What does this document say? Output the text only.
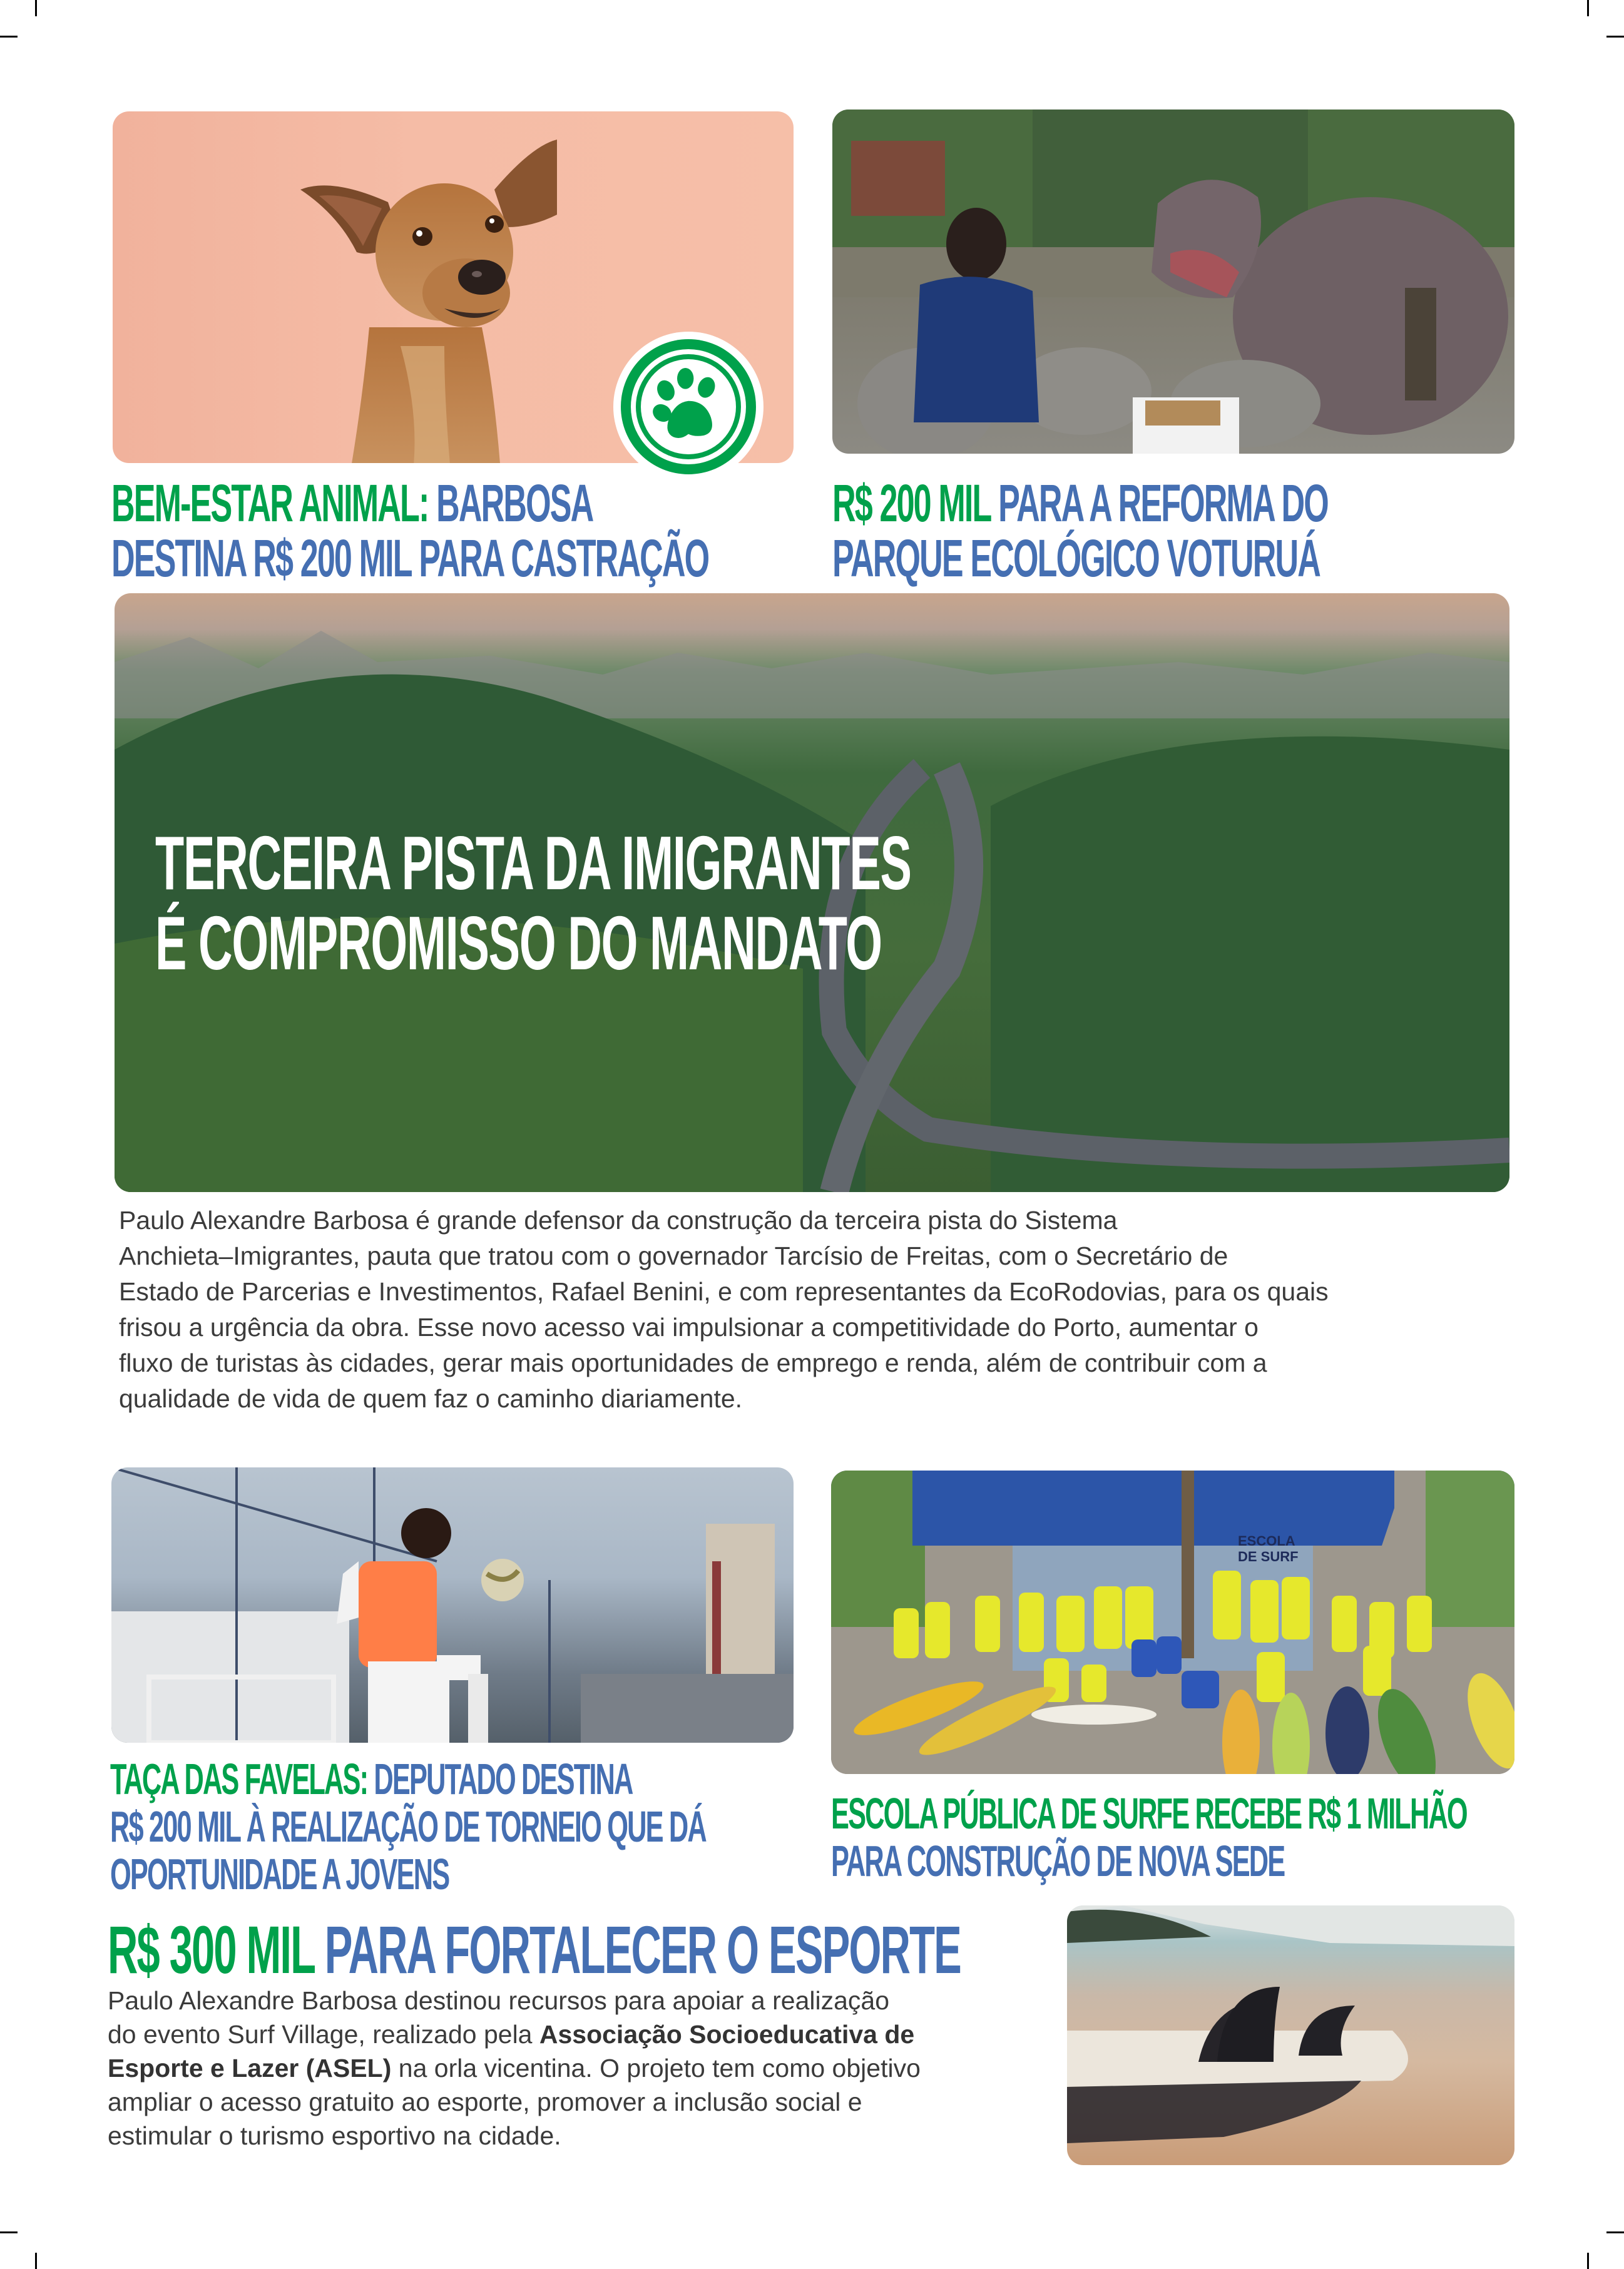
BEM-ESTAR ANIMAL: BARBOSA
DESTINA R$ 200 MIL PARA CASTRAÇÃO
R$ 200 MIL PARA A REFORMA DO
PARQUE ECOLÓGICO VOTURUÁ
TERCEIRA PISTA DA IMIGRANTES
É COMPROMISSO DO MANDATO
Paulo Alexandre Barbosa é grande defensor da construção da terceira pista do Sistema
Anchieta–Imigrantes, pauta que tratou com o governador Tarcísio de Freitas, com o Secretário de
Estado de Parcerias e Investimentos, Rafael Benini, e com representantes da EcoRodovias, para os quais
frisou a urgência da obra. Esse novo acesso vai impulsionar a competitividade do Porto, aumentar o
fluxo de turistas às cidades, gerar mais oportunidades de emprego e renda, além de contribuir com a
qualidade de vida de quem faz o caminho diariamente.
ESCOLA
DE SURF
TAÇA DAS FAVELAS: DEPUTADO DESTINA
R$ 200 MIL À REALIZAÇÃO DE TORNEIO QUE DÁ
OPORTUNIDADE A JOVENS
ESCOLA PÚBLICA DE SURFE RECEBE R$ 1 MILHÃO
PARA CONSTRUÇÃO DE NOVA SEDE
R$ 300 MIL PARA FORTALECER O ESPORTE
Paulo Alexandre Barbosa destinou recursos para apoiar a realização
do evento Surf Village, realizado pela Associação Socioeducativa de
Esporte e Lazer (ASEL) na orla vicentina. O projeto tem como objetivo
ampliar o acesso gratuito ao esporte, promover a inclusão social e
estimular o turismo esportivo na cidade.
